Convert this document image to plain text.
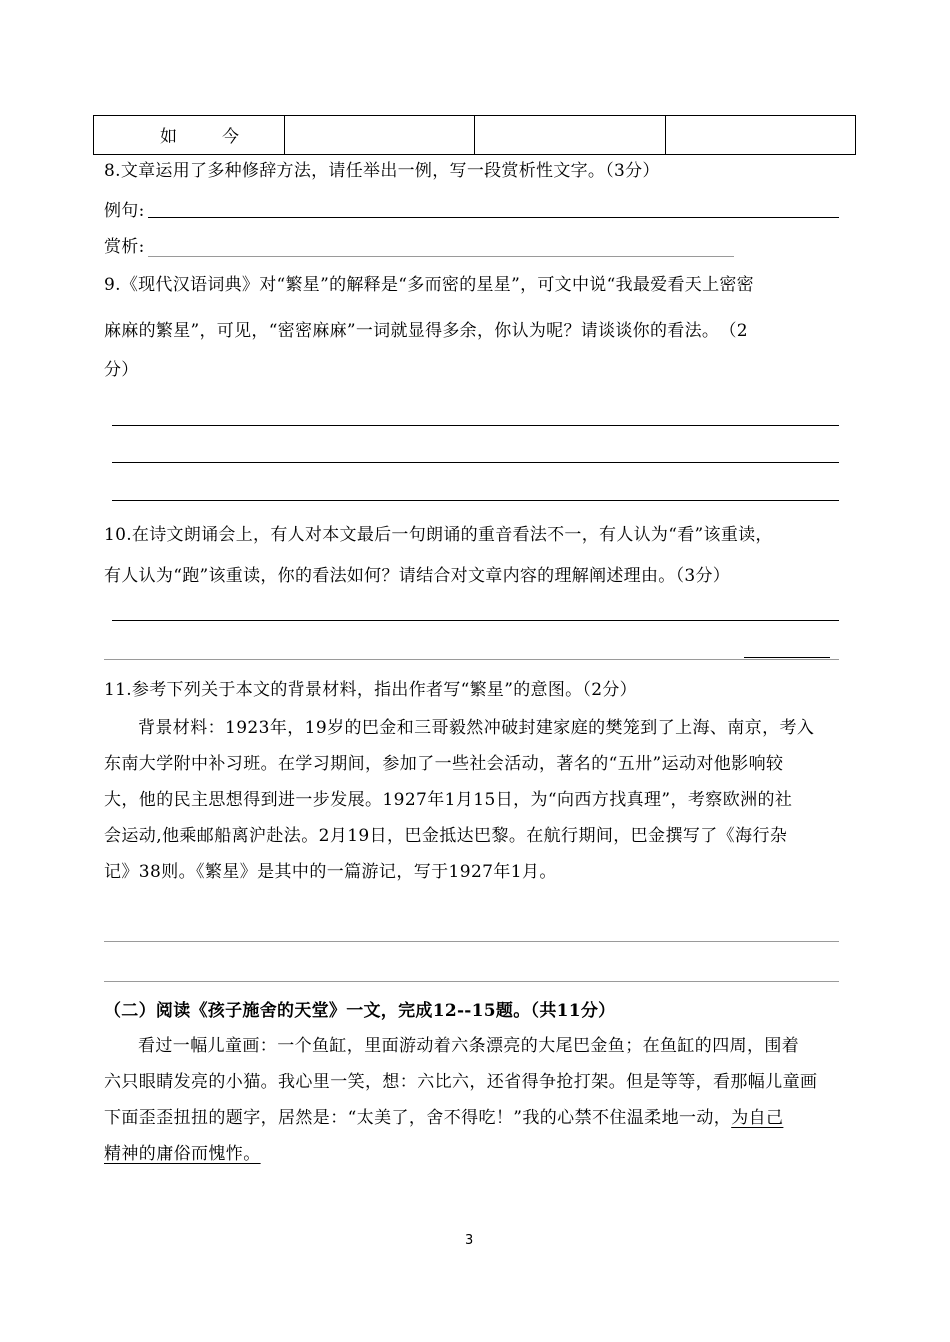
如　今

8.文章运用了多种修辞方法，请任举出一例，写一段赏析性文字。（3分）
例句:
赏析:
9.《现代汉语词典》对“繁星”的解释是“多而密的星星”，可文中说“我最爱看天上密密
麻麻的繁星”，可见，“密密麻麻”一词就显得多余，你认为呢？请谈谈你的看法。　（2
分）
10.在诗文朗诵会上，有人对本文最后一句朗诵的重音看法不一，有人认为“看”该重读，
有人认为“跑”该重读，你的看法如何？请结合对文章内容的理解阐述理由。（3分）
11.参考下列关于本文的背景材料，指出作者写“繁星”的意图。（2分）
背景材料：1923年，19岁的巴金和三哥毅然冲破封建家庭的樊笼到了上海、南京，考入
东南大学附中补习班。在学习期间，参加了一些社会活动，著名的“五卅”运动对他影响较
大，他的民主思想得到进一步发展。1927年1月15日，为“向西方找真理”，考察欧洲的社
会运动,他乘邮船离沪赴法。2月19日，巴金抵达巴黎。在航行期间，巴金撰写了《海行杂
记》38则。《繁星》是其中的一篇游记，写于1927年1月。
（二）阅读《孩子施舍的天堂》一文，完成12--15题。（共11分）
看过一幅儿童画：一个鱼缸，里面游动着六条漂亮的大尾巴金鱼；在鱼缸的四周，围着
六只眼睛发亮的小猫。我心里一笑，想：六比六，还省得争抢打架。但是等等，看那幅儿童画
下面歪歪扭扭的题字，居然是：“太美了，舍不得吃！”我的心禁不住温柔地一动，为自己
精神的庸俗而愧怍。
3
